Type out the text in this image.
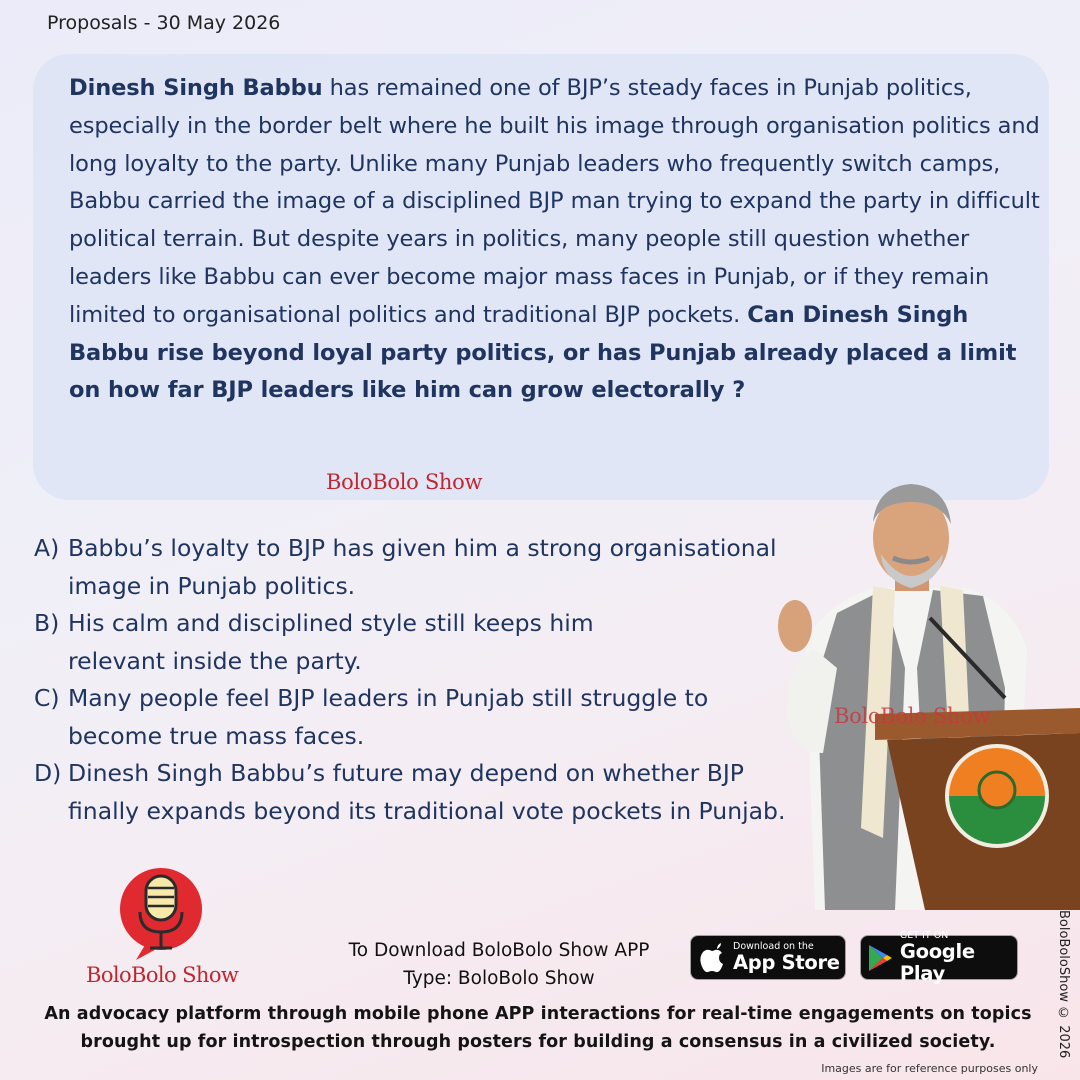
Proposals - 30 May 2026
Dinesh Singh Babbu has remained one of BJP’s steady faces in Punjab politics, especially in the border belt where he built his image through organisation politics and long loyalty to the party. Unlike many Punjab leaders who frequently switch camps, Babbu carried the image of a disciplined BJP man trying to expand the party in difficult political terrain. But despite years in politics, many people still question whether leaders like Babbu can ever become major mass faces in Punjab, or if they remain limited to organisational politics and traditional BJP pockets. Can Dinesh Singh Babbu rise beyond loyal party politics, or has Punjab already placed a limit on how far BJP leaders like him can grow electorally ?
BoloBolo Show
A) Babbu’s loyalty to BJP has given him a strong organisational image in Punjab politics.
B) His calm and disciplined style still keeps him relevant inside the party.
C) Many people feel BJP leaders in Punjab still struggle to become true mass faces.
D) Dinesh Singh Babbu’s future may depend on whether BJP finally expands beyond its traditional vote pockets in Punjab.
BoloBolo Show
BoloBolo Show
To Download BoloBolo Show APP
Type: BoloBolo Show
Download on the
App Store
GET IT ON
Google Play
An advocacy platform through mobile phone APP interactions for real-time engagements on topics
brought up for introspection through posters for building a consensus in a civilized society.	BoloBoloShow © 2026
Images are for reference purposes only
